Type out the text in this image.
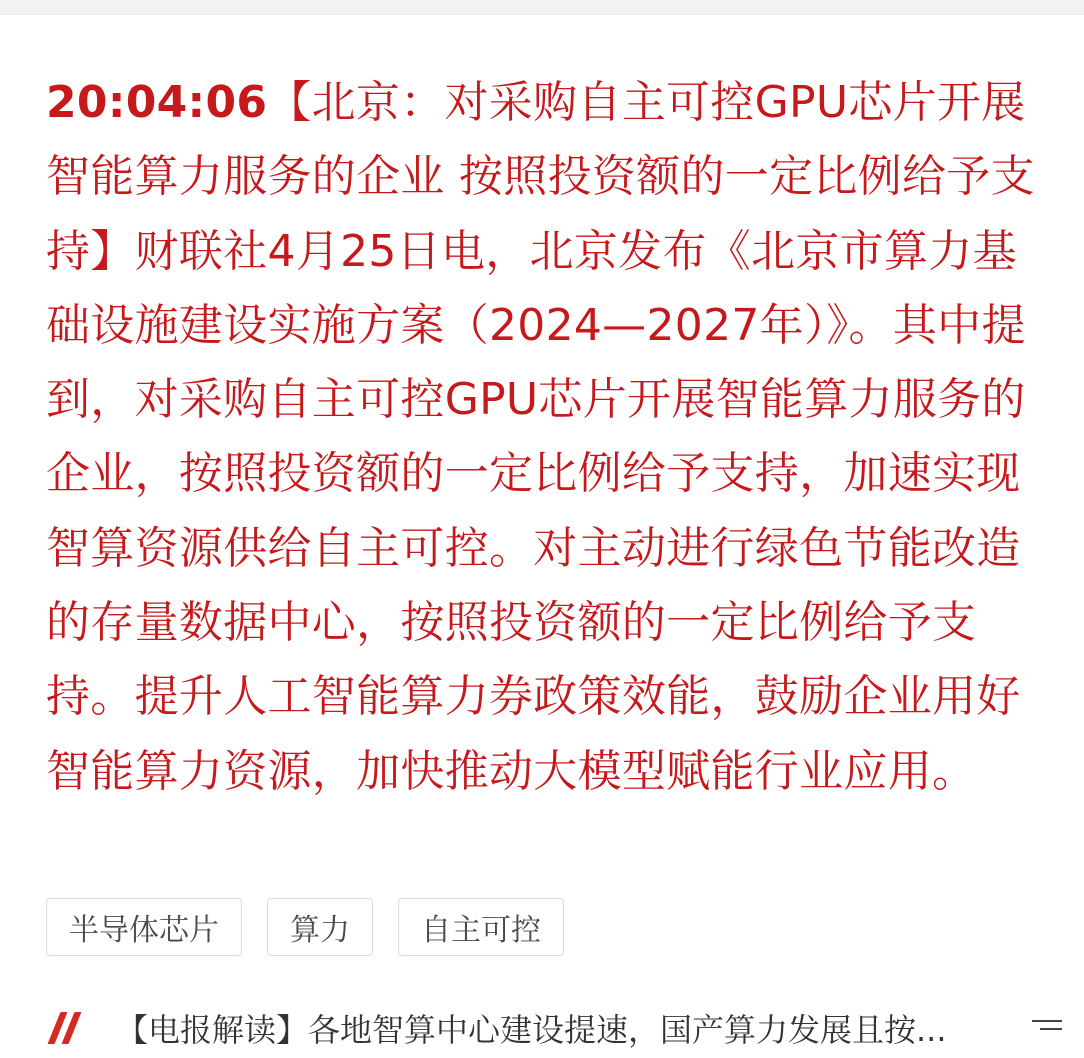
20:04:06【北京：对采购自主可控GPU芯片开展智能算力服务的企业 按照投资额的一定比例给予支持】财联社4月25日电，北京发布《北京市算力基础设施建设实施方案（2024—2027年）》。其中提到，对采购自主可控GPU芯片开展智能算力服务的企业，按照投资额的一定比例给予支持，加速实现智算资源供给自主可控。对主动进行绿色节能改造的存量数据中心，按照投资额的一定比例给予支持。提升人工智能算力券政策效能，鼓励企业用好智能算力资源，加快推动大模型赋能行业应用。
半导体芯片	算力	自主可控
【电报解读】各地智算中心建设提速，国产算力发展且按...
